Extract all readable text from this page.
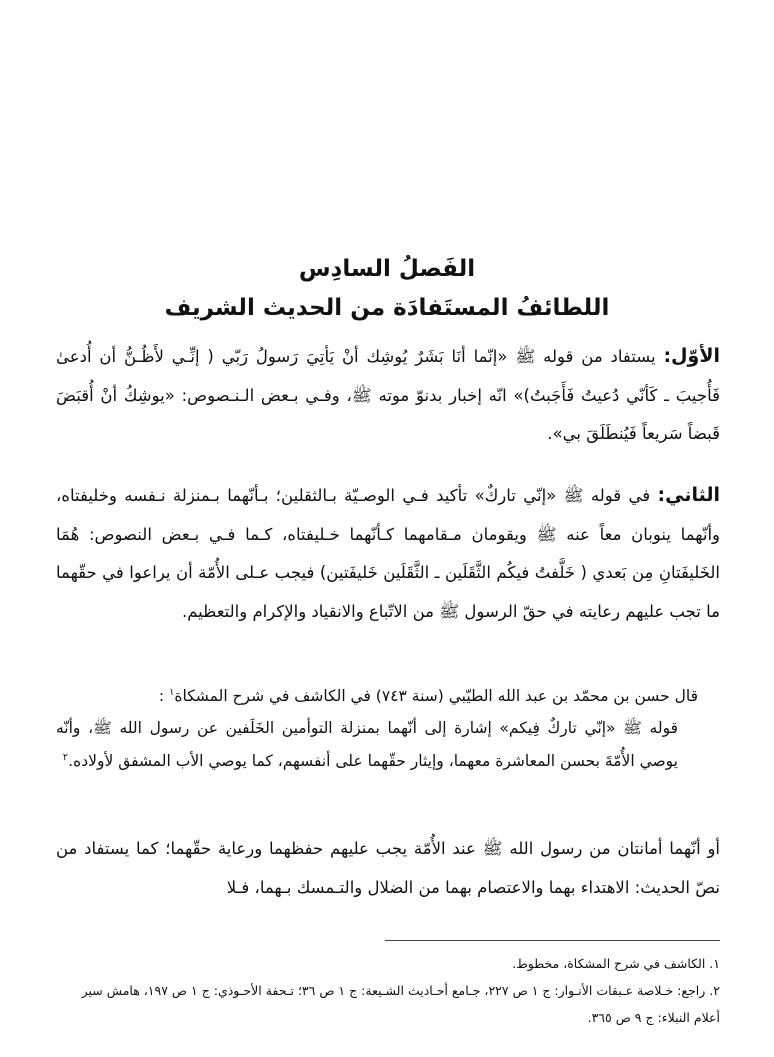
الفَصلُ السادِس
اللطائفُ المستَفادَة من الحديث الشريف

الأوّل: يستفاد من قوله ﷺ «إنّما أنَا بَشَرٌ يُوشِك أنْ يَأتِيَ رَسولُ رَبّي ( إنِّـي لأَظُـنُّ أن أُدعىٰ فَأُجيبَ ـ كَأنّي دُعيتُ فَأَجَبتُ)» انّه إخبار بدنوّ موته ﷺ، وفـي بـعض الـنـصوص: «يوشِكُ أنْ أُقبَضَ قَبضاً سَريعاً فَيُنطَلَقَ بي».

الثاني: في قوله ﷺ «إنّي تاركٌ» تأكيد فـي الوصـيّة بـالثقلين؛ بـأنّهما بـمنزلة نـفسه وخليفتاه، وأنّهما ينوبان معاً عنه ﷺ ويقومان مـقامهما كـأنّهما خـليفتاه، كـما فـي بـعض النصوص: هُمَا الخَليفَتانِ مِن بَعدي ( خَلَّفتُ فيكُم الثَّقَلَين ـ الثَّقَلَين خَليفَتين) فيجب عـلى الأُمّة أن يراعوا في حقّهما ما تجب عليهم رعايته في حقّ الرسول ﷺ من الاتّباع والانقياد والإكرام والتعظيم.

قال حسن بن محمّد بن عبد الله الطيّبي (سنة ٧٤٣) في الكاشف في شرح المشكاة$^١$ :
قوله ﷺ «إنّي تاركٌ فِيكم» إشارة إلى أنّهما بمنزلة التوأمين الخَلَفين عن رسول الله ﷺ، وأنّه يوصي الأُمّةَ بحسن المعاشرة معهما، وإيثار حقّهما على أنفسهم، كما يوصي الأب المشفق لأولاده.$^٢$

أو أنّهما أمانتان من رسول الله ﷺ عند الأُمّة يجب عليهم حفظهما ورعاية حقّهما؛ كما يستفاد من نصّ الحديث: الاهتداء بهما والاعتصام بهما من الضلال والتـمسك بـهما، فـلا

١. الكاشف في شرح المشكاة، مخطوط.

٢. راجع: خـلاصة عـبقات الأنـوار: ج ١ ص ٢٢٧، جـامع أحـاديث الشـيعة: ج ١ ص ٣٦؛ تـحفة الأحـوذي: ج ١ ص ١٩٧، هامش سير أعلام النبلاء: ج ٩ ص ٣٦٥.
